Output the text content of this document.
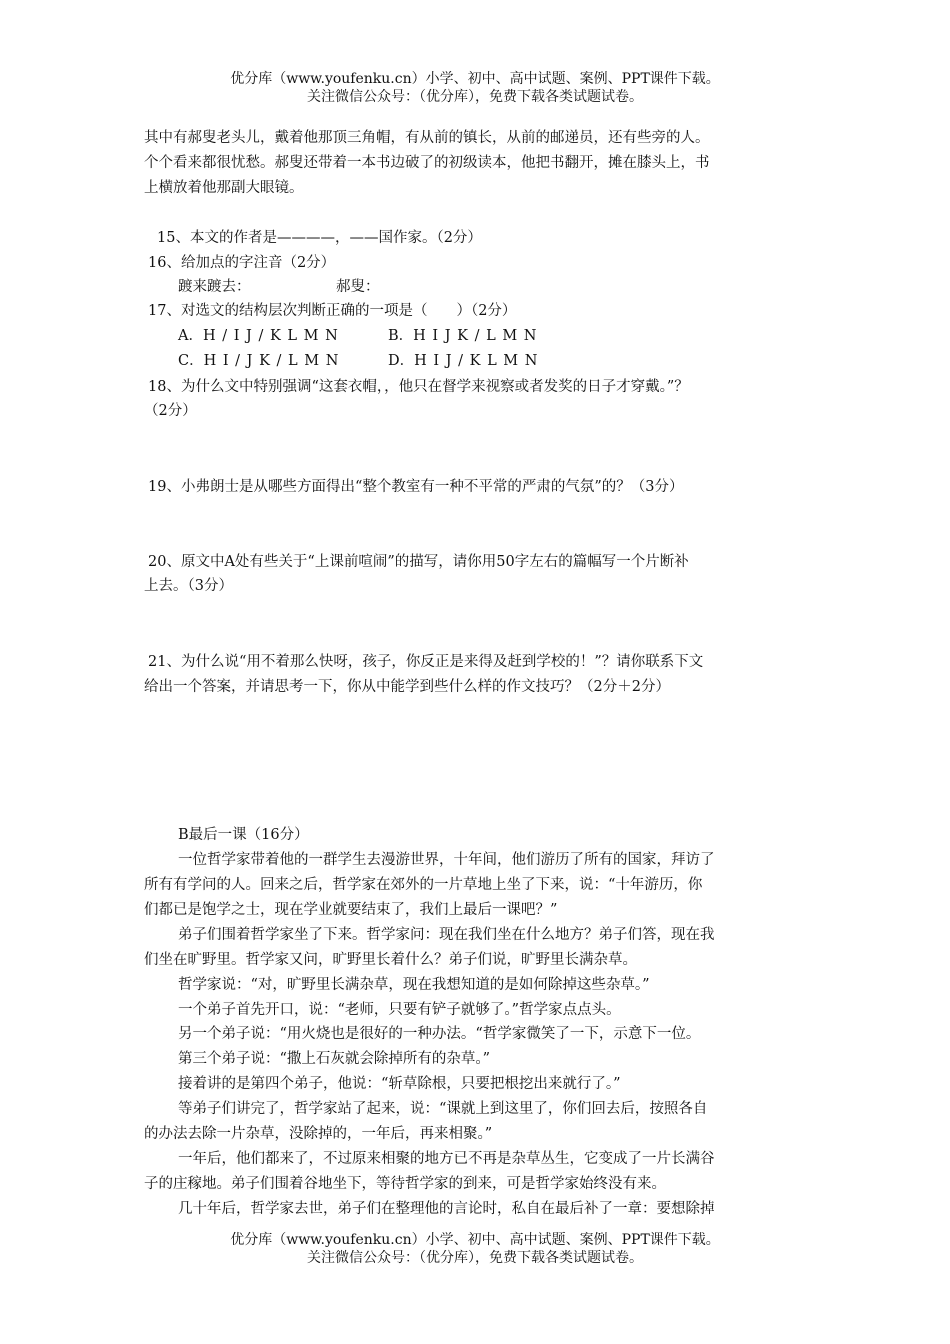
优分库（www.youfenku.cn）小学、初中、高中试题、案例、PPT课件下载。
关注微信公众号：（优分库），免费下载各类试题试卷。
其中有郝叟老头儿，戴着他那顶三角帽，有从前的镇长，从前的邮递员，还有些旁的人。
个个看来都很忧愁。郝叟还带着一本书边破了的初级读本，他把书翻开，摊在膝头上，书
上横放着他那副大眼镜。
15、本文的作者是————，——国作家。（2分）
16、给加点的字注音（2分）
踱来踱去：	郝叟：
17、对选文的结构层次判断正确的一项是（　　）（2分）
A．H / I J / K L M N	B．H I J K / L M N
C．H I / J K / L M N	D．H I J / K L M N
18、为什么文中特别强调“这套衣帽，，他只在督学来视察或者发奖的日子才穿戴。”？
（2分）
19、小弗朗士是从哪些方面得出“整个教室有一种不平常的严肃的气氛”的？（3分）
20、原文中A处有些关于“上课前喧闹”的描写，请你用50字左右的篇幅写一个片断补
上去。（3分）
21、为什么说“用不着那么快呀，孩子，你反正是来得及赶到学校的！”？请你联系下文
给出一个答案，并请思考一下，你从中能学到些什么样的作文技巧？（2分＋2分）
B最后一课（16分）
一位哲学家带着他的一群学生去漫游世界，十年间，他们游历了所有的国家，拜访了
所有有学问的人。回来之后，哲学家在郊外的一片草地上坐了下来，说：“十年游历，你
们都已是饱学之士，现在学业就要结束了，我们上最后一课吧？”
弟子们围着哲学家坐了下来。哲学家问：现在我们坐在什么地方？弟子们答，现在我
们坐在旷野里。哲学家又问，旷野里长着什么？弟子们说，旷野里长满杂草。
哲学家说：“对，旷野里长满杂草，现在我想知道的是如何除掉这些杂草。”
一个弟子首先开口，说：“老师，只要有铲子就够了。”哲学家点点头。
另一个弟子说：“用火烧也是很好的一种办法。“哲学家微笑了一下，示意下一位。
第三个弟子说：“撒上石灰就会除掉所有的杂草。”
接着讲的是第四个弟子，他说：“斩草除根，只要把根挖出来就行了。”
等弟子们讲完了，哲学家站了起来，说：“课就上到这里了，你们回去后，按照各自
的办法去除一片杂草，没除掉的，一年后，再来相聚。”
一年后，他们都来了，不过原来相聚的地方已不再是杂草丛生，它变成了一片长满谷
子的庄稼地。弟子们围着谷地坐下，等待哲学家的到来，可是哲学家始终没有来。
几十年后，哲学家去世，弟子们在整理他的言论时，私自在最后补了一章：要想除掉
优分库（www.youfenku.cn）小学、初中、高中试题、案例、PPT课件下载。
关注微信公众号：（优分库），免费下载各类试题试卷。
